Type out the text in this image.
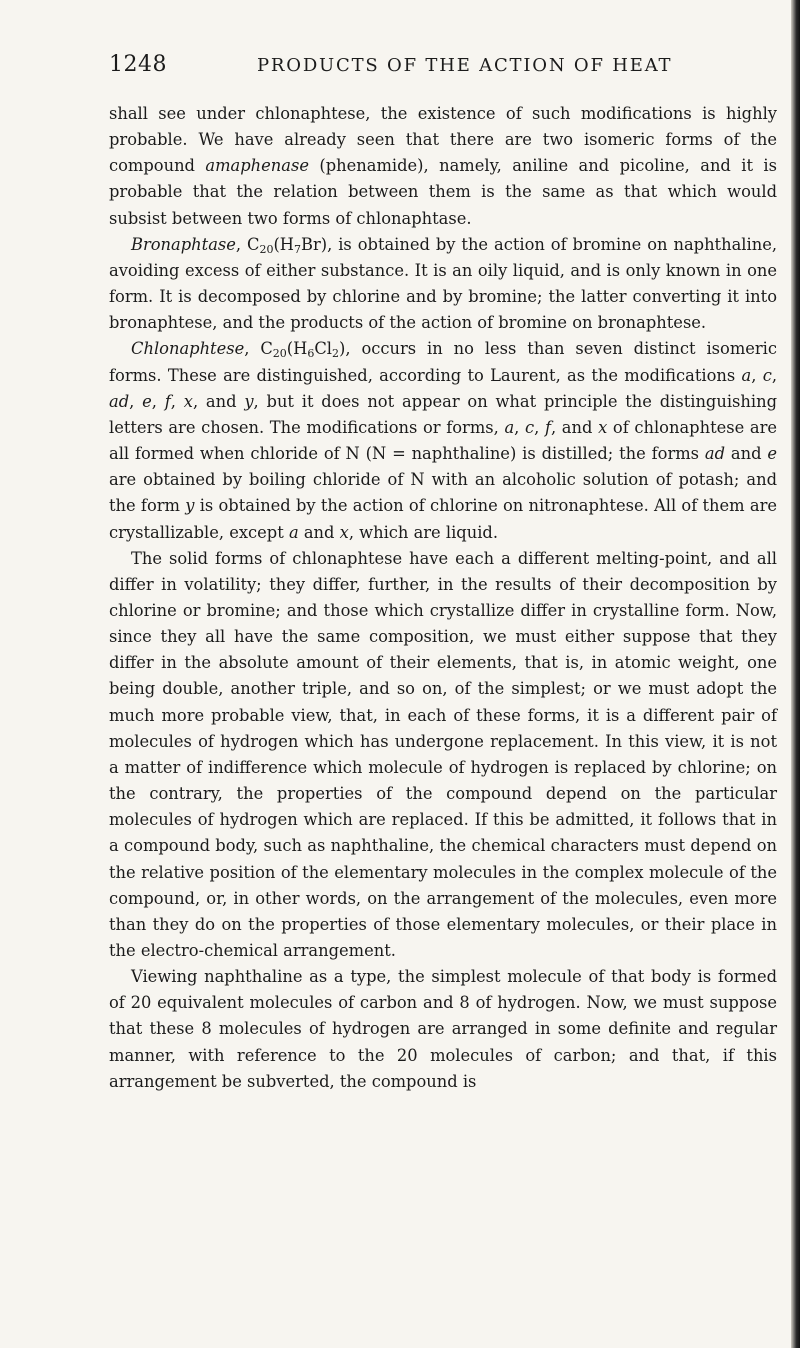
1248	PRODUCTS OF THE ACTION OF HEAT

shall see under chlonaphtese, the existence of such modifications is highly probable. We have already seen that there are two isomeric forms of the compound amaphenase (phenamide), namely, aniline and picoline, and it is probable that the relation between them is the same as that which would subsist between two forms of chlonaphtase.

Bronaphtase, $C_{20}(H_7Br)$, is obtained by the action of bromine on naphthaline, avoiding excess of either substance. It is an oily liquid, and is only known in one form. It is decomposed by chlorine and by bromine; the latter converting it into bronaphtese, and the products of the action of bromine on bronaphtese.

Chlonaphtese, $C_{20}(H_6Cl_2)$, occurs in no less than seven distinct isomeric forms. These are distinguished, according to Laurent, as the modifications a, c, ad, e, f, x, and y, but it does not appear on what principle the distinguishing letters are chosen. The modifications or forms, a, c, f, and x of chlonaphtese are all formed when chloride of N (N = naphthaline) is distilled; the forms ad and e are obtained by boiling chloride of N with an alcoholic solution of potash; and the form y is obtained by the action of chlorine on nitronaphtese. All of them are crystallizable, except a and x, which are liquid.

The solid forms of chlonaphtese have each a different melting-point, and all differ in volatility; they differ, further, in the results of their decomposition by chlorine or bromine; and those which crystallize differ in crystalline form. Now, since they all have the same composition, we must either suppose that they differ in the absolute amount of their elements, that is, in atomic weight, one being double, another triple, and so on, of the simplest; or we must adopt the much more probable view, that, in each of these forms, it is a different pair of molecules of hydrogen which has undergone replacement. In this view, it is not a matter of indifference which molecule of hydrogen is replaced by chlorine; on the contrary, the properties of the compound depend on the particular molecules of hydrogen which are replaced. If this be admitted, it follows that in a compound body, such as naphthaline, the chemical characters must depend on the relative position of the elementary molecules in the complex molecule of the compound, or, in other words, on the arrangement of the molecules, even more than they do on the properties of those elementary molecules, or their place in the electro-chemical arrangement.

Viewing naphthaline as a type, the simplest molecule of that body is formed of 20 equivalent molecules of carbon and 8 of hydrogen. Now, we must suppose that these 8 molecules of hydrogen are arranged in some definite and regular manner, with reference to the 20 molecules of carbon; and that, if this arrangement be subverted, the compound is
